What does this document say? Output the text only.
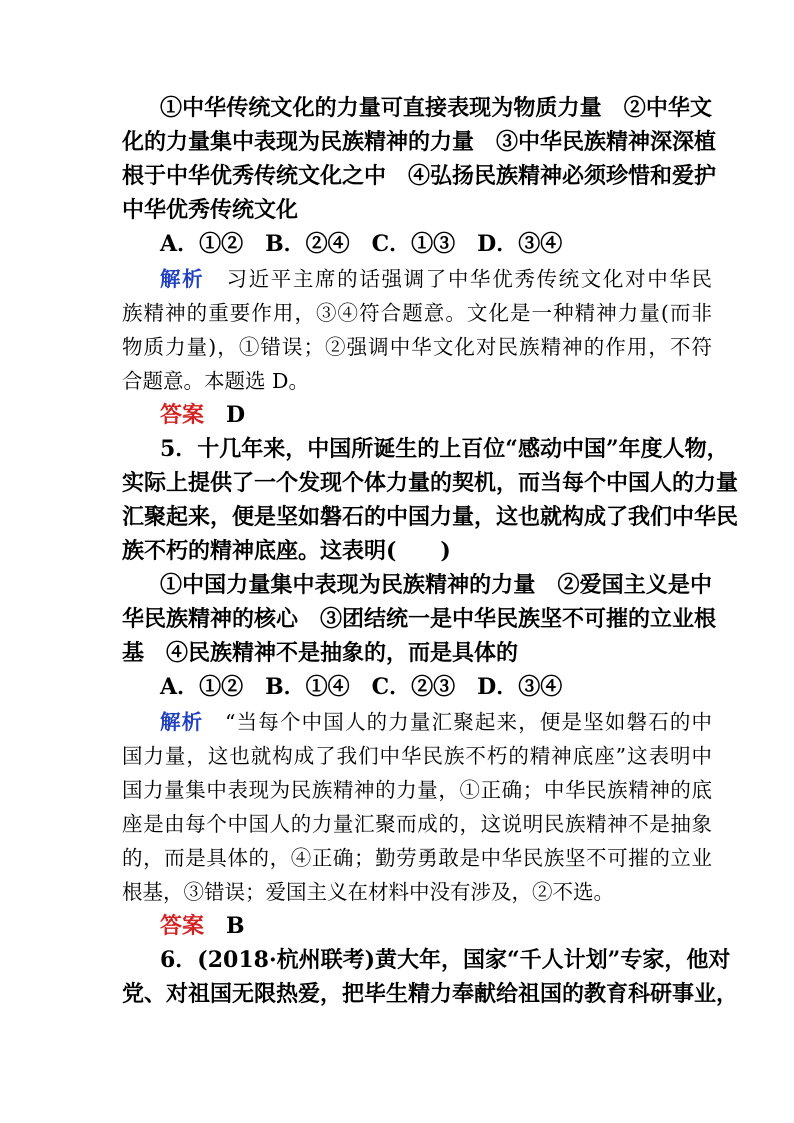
①中华传统文化的力量可直接表现为物质力量　②中华文
化的力量集中表现为民族精神的力量　③中华民族精神深深植
根于中华优秀传统文化之中　④弘扬民族精神必须珍惜和爱护
中华优秀传统文化
A．①②　B．②④　C．①③　D．③④
解析　 习近平主席的话强调了中华优秀传统文化对中华民
族精神的重要作用，③④符合题意。文化是一种精神力量(而非
物质力量)，①错误；②强调中华文化对民族精神的作用，不符
合题意。本题选 D。
答案　 D
5．十几年来，中国所诞生的上百位“感动中国”年度人物，
实际上提供了一个发现个体力量的契机，而当每个中国人的力量
汇聚起来，便是坚如磐石的中国力量，这也就构成了我们中华民
族不朽的精神底座。这表明(　　)
①中国力量集中表现为民族精神的力量　②爱国主义是中
华民族精神的核心　③团结统一是中华民族坚不可摧的立业根
基　④民族精神不是抽象的，而是具体的
A．①②　B．①④　C．②③　D．③④
解析　 “当每个中国人的力量汇聚起来，便是坚如磐石的中
国力量，这也就构成了我们中华民族不朽的精神底座”这表明中
国力量集中表现为民族精神的力量，①正确；中华民族精神的底
座是由每个中国人的力量汇聚而成的，这说明民族精神不是抽象
的，而是具体的，④正确；勤劳勇敢是中华民族坚不可摧的立业
根基，③错误；爱国主义在材料中没有涉及，②不选。
答案　 B
6．(2018·杭州联考)黄大年，国家“千人计划”专家，他对
党、对祖国无限热爱，把毕生精力奉献给祖国的教育科研事业，
